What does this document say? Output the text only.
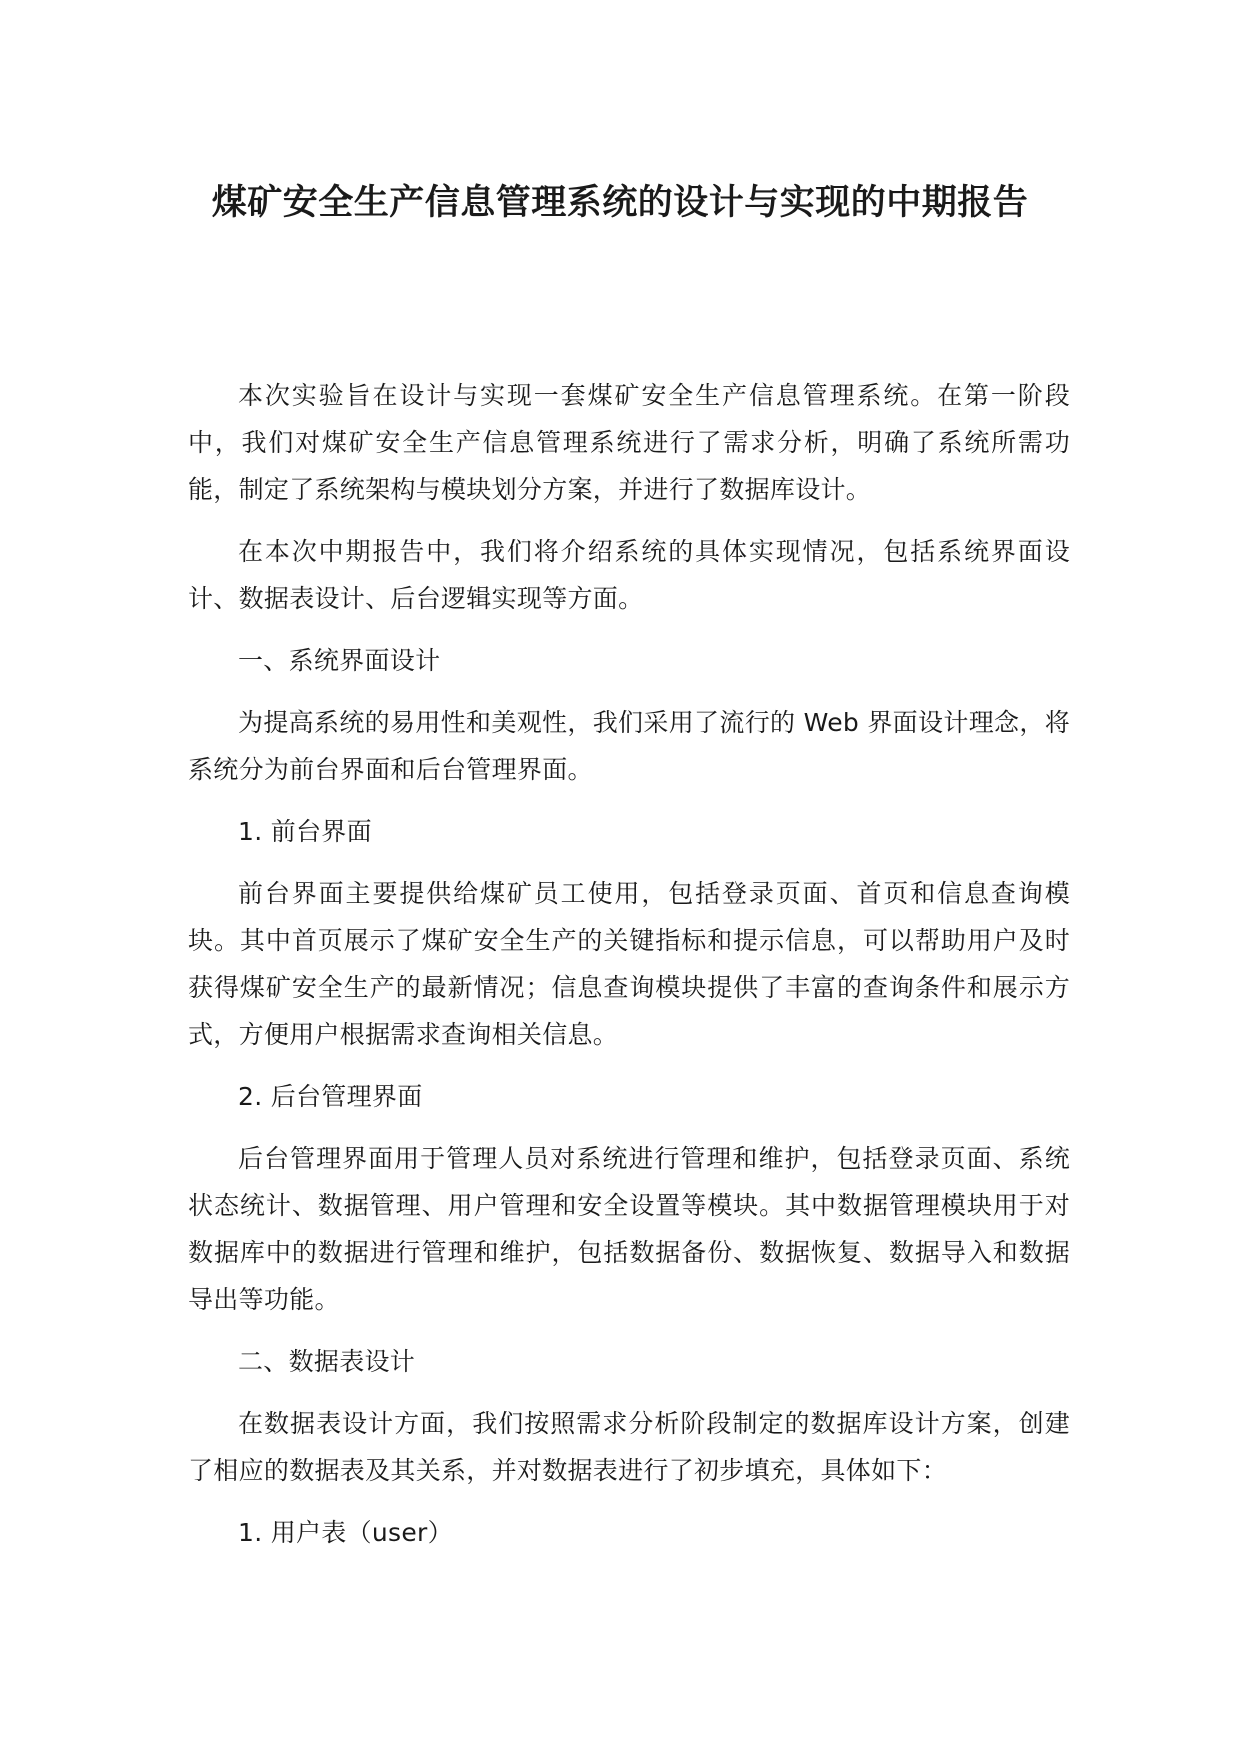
煤矿安全生产信息管理系统的设计与实现的中期报告

本次实验旨在设计与实现一套煤矿安全生产信息管理系统。在第一阶段中，我们对煤矿安全生产信息管理系统进行了需求分析，明确了系统所需功能，制定了系统架构与模块划分方案，并进行了数据库设计。

在本次中期报告中，我们将介绍系统的具体实现情况，包括系统界面设计、数据表设计、后台逻辑实现等方面。

一、系统界面设计

为提高系统的易用性和美观性，我们采用了流行的 Web 界面设计理念，将系统分为前台界面和后台管理界面。

1. 前台界面

前台界面主要提供给煤矿员工使用，包括登录页面、首页和信息查询模块。其中首页展示了煤矿安全生产的关键指标和提示信息，可以帮助用户及时获得煤矿安全生产的最新情况；信息查询模块提供了丰富的查询条件和展示方式，方便用户根据需求查询相关信息。

2. 后台管理界面

后台管理界面用于管理人员对系统进行管理和维护，包括登录页面、系统状态统计、数据管理、用户管理和安全设置等模块。其中数据管理模块用于对数据库中的数据进行管理和维护，包括数据备份、数据恢复、数据导入和数据导出等功能。

二、数据表设计

在数据表设计方面，我们按照需求分析阶段制定的数据库设计方案，创建了相应的数据表及其关系，并对数据表进行了初步填充，具体如下：

1. 用户表（user）
